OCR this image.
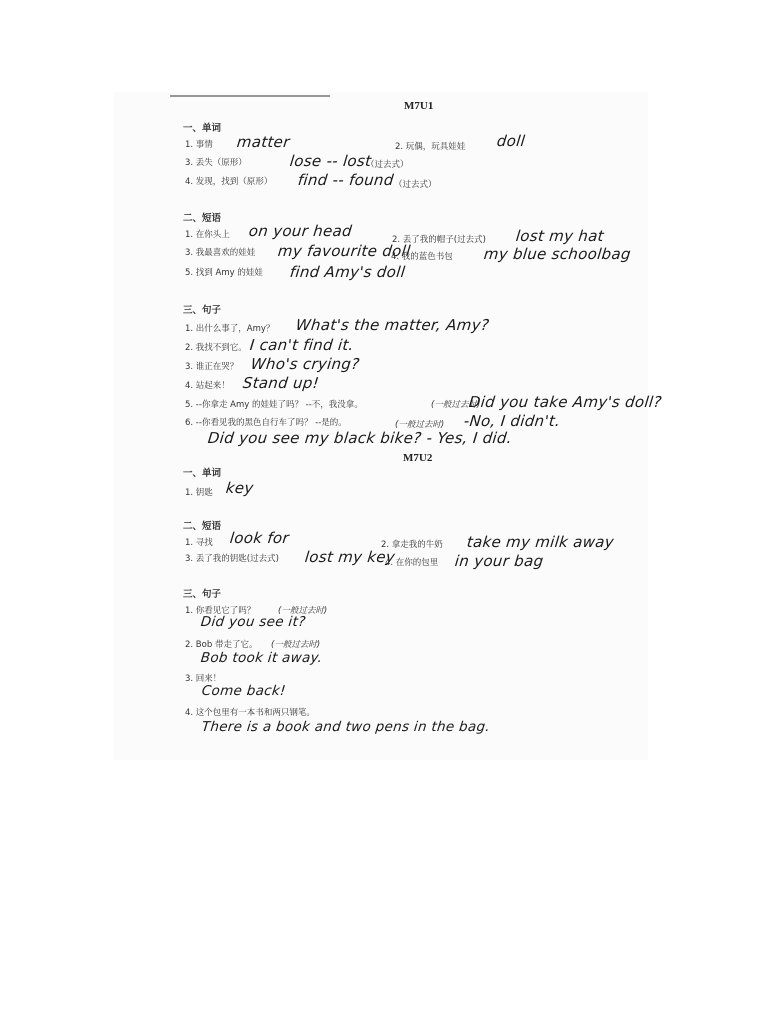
M7U1
一、单词
1. 事情 matter	2. 玩偶，玩具娃娃 doll
3. 丢失（原形）	lose -- lost
（过去式）
4. 发现，找到（原形） find -- found （过去式）
二、短语
1. 在你头上 on your head	2. 丢了我的帽子(过去式) lost my hat
3. 我最喜欢的娃娃 my favourite doll
4. 我的蓝色书包 my blue schoolbag
5. 找到 Amy 的娃娃 find Amy's doll
三、句子
1. 出什么事了，Amy？ What's the matter, Amy?
2. 我找不到它。 I can't find it.
3. 谁正在哭？ Who's crying?
4. 站起来！ Stand up!
5. --你拿走 Amy 的娃娃了吗？ --不，我没拿。	(一般过去时)
Did you take Amy's doll?
6. --你看见我的黑色自行车了吗？ --是的。	(一般过去时) -No, I didn't.
Did you see my black bike? - Yes, I did.
M7U2
一、单词
1. 钥匙 key
二、短语
1. 寻找 look for	2. 拿走我的牛奶 take my milk away
3. 丢了我的钥匙(过去式) lost my key
4. 在你的包里 in your bag
三、句子
1. 你看见它了吗？	(一般过去时)
Did you see it?
2. Bob 带走了它。 (一般过去时)
Bob took it away.
3. 回来！
Come back!
4. 这个包里有一本书和两只钢笔。
There is a book and two pens in the bag.
